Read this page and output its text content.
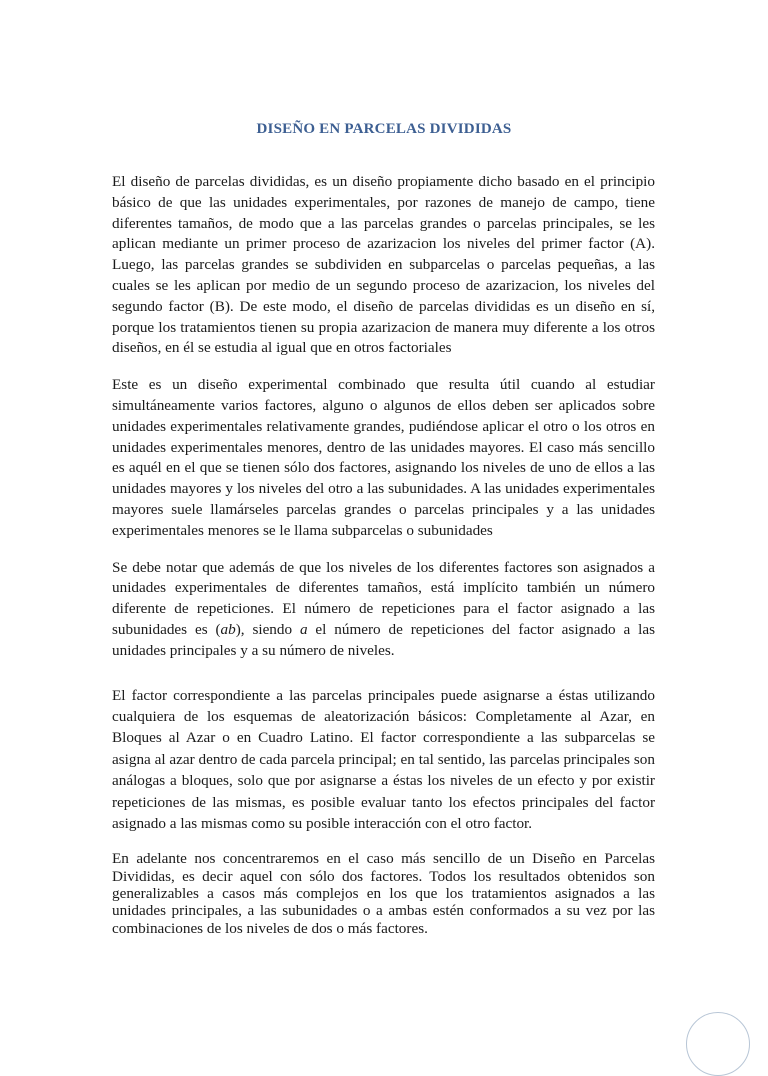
DISEÑO EN PARCELAS DIVIDIDAS

El diseño de parcelas divididas, es un diseño propiamente dicho basado en el principio básico de que las unidades experimentales, por razones de manejo de campo, tiene diferentes tamaños, de modo que a las parcelas grandes o parcelas principales, se les aplican mediante un primer proceso de azarizacion los niveles del primer factor (A). Luego, las parcelas grandes se subdividen en subparcelas o parcelas pequeñas, a las cuales se les aplican por medio de un segundo proceso de azarizacion, los niveles del segundo factor (B). De este modo, el diseño de parcelas divididas es un diseño en sí, porque los tratamientos tienen su propia azarizacion de manera muy diferente a los otros diseños, en él se estudia al igual que en otros factoriales

Este es un diseño experimental combinado que resulta útil cuando al estudiar simultáneamente varios factores, alguno o algunos de ellos deben ser aplicados sobre unidades experimentales relativamente grandes, pudiéndose aplicar el otro o los otros en unidades experimentales menores, dentro de las unidades mayores. El caso más sencillo es aquél en el que se tienen sólo dos factores, asignando los niveles de uno de ellos a las unidades mayores y los niveles del otro a las subunidades. A las unidades experimentales mayores suele llamárseles parcelas grandes o parcelas principales y a las unidades experimentales menores se le llama subparcelas o subunidades

Se debe notar que además de que los niveles de los diferentes factores son asignados a unidades experimentales de diferentes tamaños, está implícito también un número diferente de repeticiones. El número de repeticiones para el factor asignado a las subunidades es (ab), siendo a el número de repeticiones del factor asignado a las unidades principales y a su número de niveles.

El factor correspondiente a las parcelas principales puede asignarse a éstas utilizando cualquiera de los esquemas de aleatorización básicos: Completamente al Azar, en Bloques al Azar o en Cuadro Latino. El factor correspondiente a las subparcelas se asigna al azar dentro de cada parcela principal; en tal sentido, las parcelas principales son análogas a bloques, solo que por asignarse a éstas los niveles de un efecto y por existir repeticiones de las mismas, es posible evaluar tanto los efectos principales del factor asignado a las mismas como su posible interacción con el otro factor.

En adelante nos concentraremos en el caso más sencillo de un Diseño en Parcelas Divididas, es decir aquel con sólo dos factores. Todos los resultados obtenidos son generalizables a casos más complejos en los que los tratamientos asignados a las unidades principales, a las subunidades o a ambas estén conformados a su vez por las combinaciones de los niveles de dos o más factores.
